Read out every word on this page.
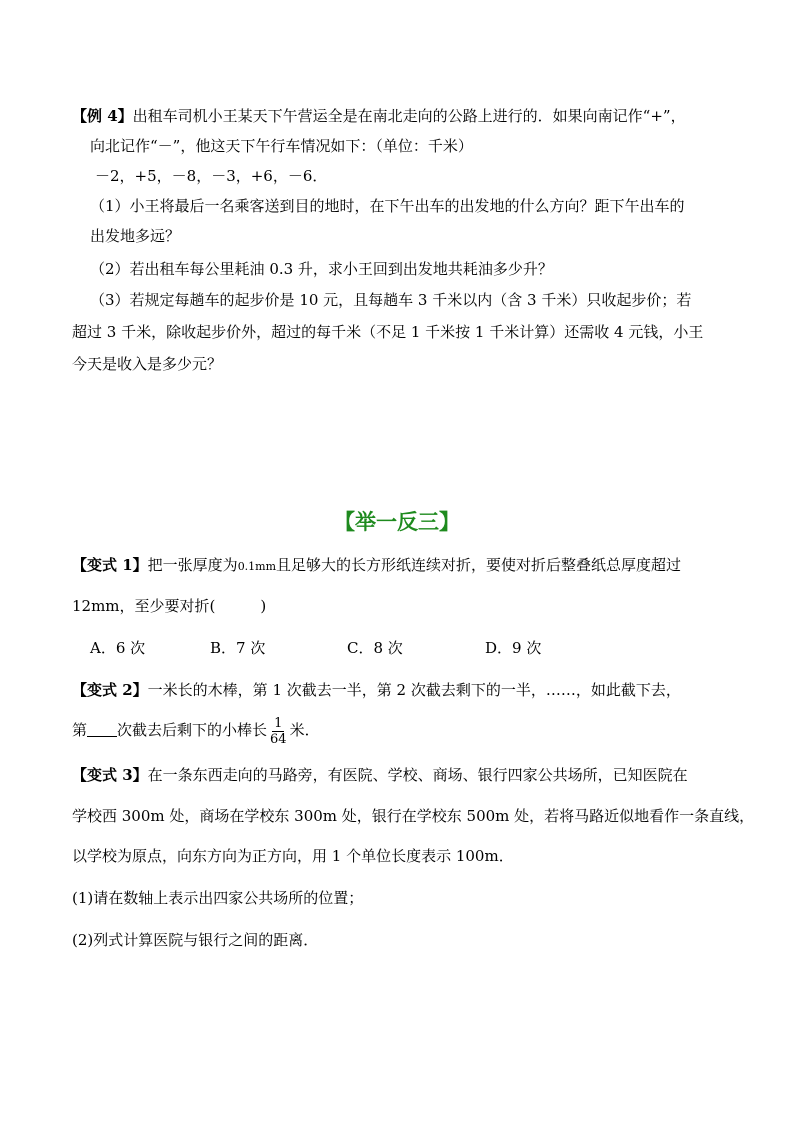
【例 4】出租车司机小王某天下午营运全是在南北走向的公路上进行的．如果向南记作“+”，
向北记作“－”，他这天下午行车情况如下：（单位：千米）
－2，+5，－8，－3，+6，－6．
（1）小王将最后一名乘客送到目的地时，在下午出车的出发地的什么方向？距下午出车的
出发地多远？
（2）若出租车每公里耗油 0.3 升，求小王回到出发地共耗油多少升？
（3）若规定每趟车的起步价是 10 元，且每趟车 3 千米以内（含 3 千米）只收起步价；若
超过 3 千米，除收起步价外，超过的每千米（不足 1 千米按 1 千米计算）还需收 4 元钱，小王
今天是收入是多少元？
【举一反三】
【变式 1】把一张厚度为0.1mm且足够大的长方形纸连续对折，要使对折后整叠纸总厚度超过
12mm，至少要对折(　　　)
A．6 次	B．7 次	C．8 次	D．9 次
【变式 2】一米长的木棒，第 1 次截去一半，第 2 次截去剩下的一半，……，如此截下去，
第 次截去后剩下的小棒长 $\frac{1}{64}$ 米．
【变式 3】在一条东西走向的马路旁，有医院、学校、商场、银行四家公共场所，已知医院在
学校西 300m 处，商场在学校东 300m 处，银行在学校东 500m 处，若将马路近似地看作一条直线，
以学校为原点，向东方向为正方向，用 1 个单位长度表示 100m．
(1)请在数轴上表示出四家公共场所的位置；
(2)列式计算医院与银行之间的距离．
